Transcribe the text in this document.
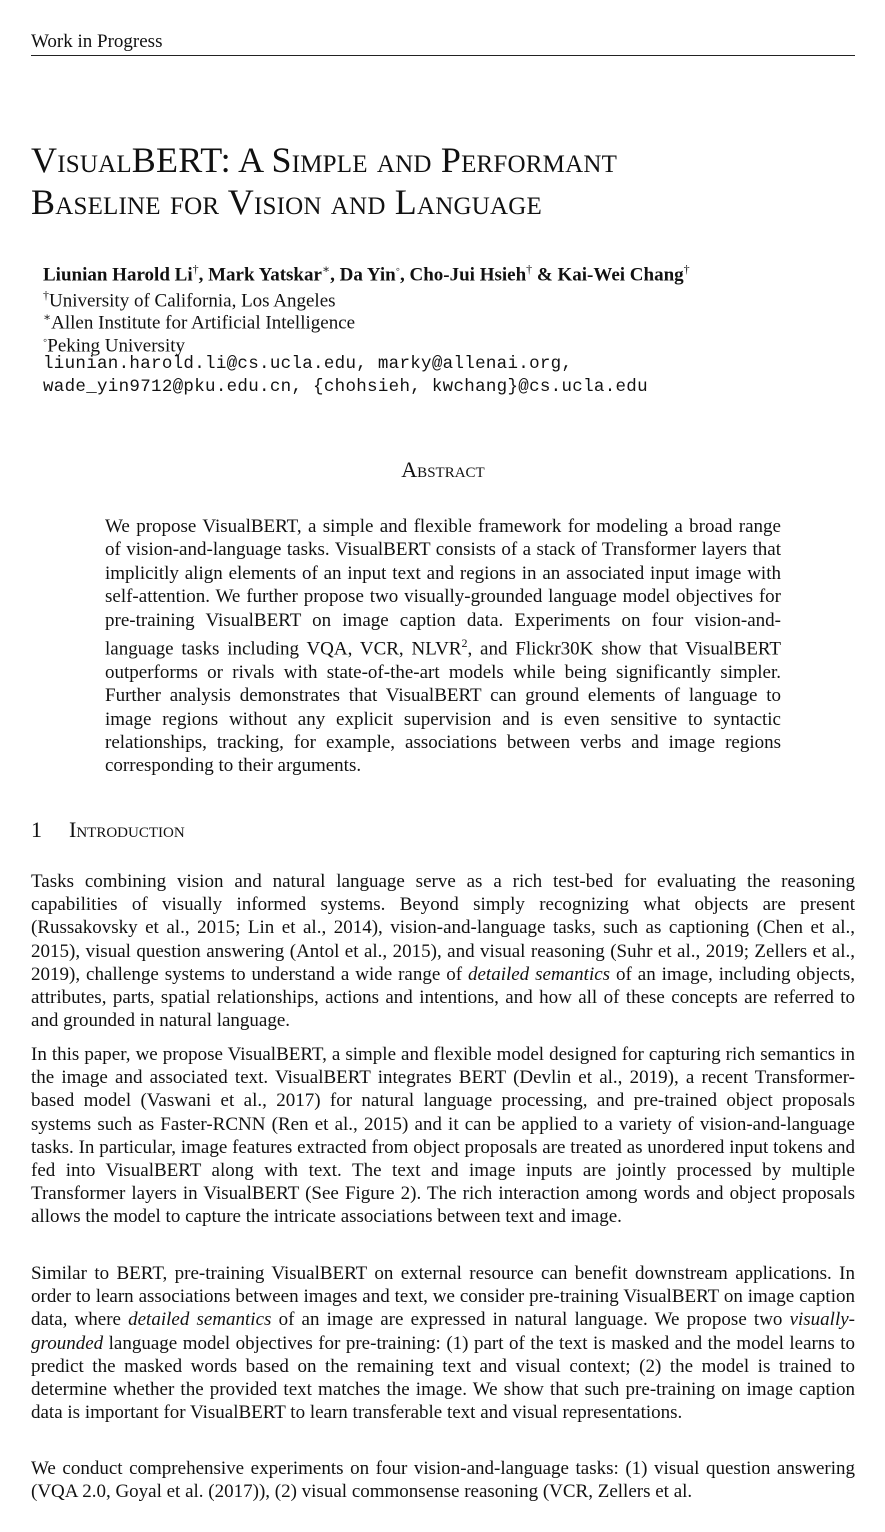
Work in Progress
VisualBERT: A Simple and Performant
Baseline for Vision and Language
Liunian Harold Li†, Mark Yatskar∗, Da Yin◦, Cho-Jui Hsieh† & Kai-Wei Chang†
†University of California, Los Angeles
∗Allen Institute for Artificial Intelligence
◦Peking University
liunian.harold.li@cs.ucla.edu, marky@allenai.org,
wade_yin9712@pku.edu.cn, {chohsieh, kwchang}@cs.ucla.edu
Abstract
We propose VisualBERT, a simple and flexible framework for modeling a broad range of vision-and-language tasks. VisualBERT consists of a stack of Transformer layers that implicitly align elements of an input text and regions in an associated input image with self-attention. We further propose two visually-grounded language model objectives for pre-training VisualBERT on image caption data. Experiments on four vision-and-language tasks including VQA, VCR, NLVR$^2$, and Flickr30K show that VisualBERT outperforms or rivals with state-of-the-art models while being significantly simpler. Further analysis demonstrates that VisualBERT can ground elements of language to image regions without any explicit supervision and is even sensitive to syntactic relationships, tracking, for example, associations between verbs and image regions corresponding to their arguments.
1 Introduction
Tasks combining vision and natural language serve as a rich test-bed for evaluating the reasoning capabilities of visually informed systems. Beyond simply recognizing what objects are present (Russakovsky et al., 2015; Lin et al., 2014), vision-and-language tasks, such as captioning (Chen et al., 2015), visual question answering (Antol et al., 2015), and visual reasoning (Suhr et al., 2019; Zellers et al., 2019), challenge systems to understand a wide range of detailed semantics of an image, including objects, attributes, parts, spatial relationships, actions and intentions, and how all of these concepts are referred to and grounded in natural language.
In this paper, we propose VisualBERT, a simple and flexible model designed for capturing rich semantics in the image and associated text. VisualBERT integrates BERT (Devlin et al., 2019), a recent Transformer-based model (Vaswani et al., 2017) for natural language processing, and pre-trained object proposals systems such as Faster-RCNN (Ren et al., 2015) and it can be applied to a variety of vision-and-language tasks. In particular, image features extracted from object proposals are treated as unordered input tokens and fed into VisualBERT along with text. The text and image inputs are jointly processed by multiple Transformer layers in VisualBERT (See Figure 2). The rich interaction among words and object proposals allows the model to capture the intricate associations between text and image.
Similar to BERT, pre-training VisualBERT on external resource can benefit downstream applications. In order to learn associations between images and text, we consider pre-training VisualBERT on image caption data, where detailed semantics of an image are expressed in natural language. We propose two visually-grounded language model objectives for pre-training: (1) part of the text is masked and the model learns to predict the masked words based on the remaining text and visual context; (2) the model is trained to determine whether the provided text matches the image. We show that such pre-training on image caption data is important for VisualBERT to learn transferable text and visual representations.
We conduct comprehensive experiments on four vision-and-language tasks: (1) visual question answering (VQA 2.0, Goyal et al. (2017)), (2) visual commonsense reasoning (VCR, Zellers et al.
